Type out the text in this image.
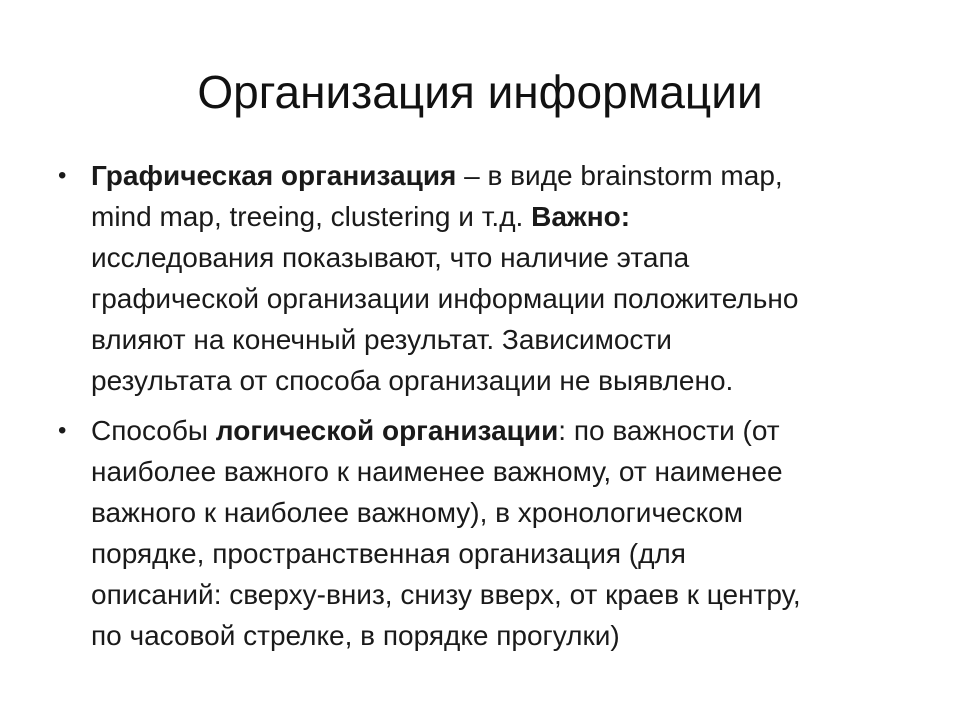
Организация информации
• Графическая организация – в виде brainstorm map,
mind map, treeing, clustering и т.д. Важно:
исследования показывают, что наличие этапа
графической организации информации положительно
влияют на конечный результат. Зависимости
результата от способа организации не выявлено.
• Способы логической организации: по важности (от
наиболее важного к наименее важному, от наименее
важного к наиболее важному), в хронологическом
порядке, пространственная организация (для
описаний: сверху-вниз, снизу вверх, от краев к центру,
по часовой стрелке, в порядке прогулки)
